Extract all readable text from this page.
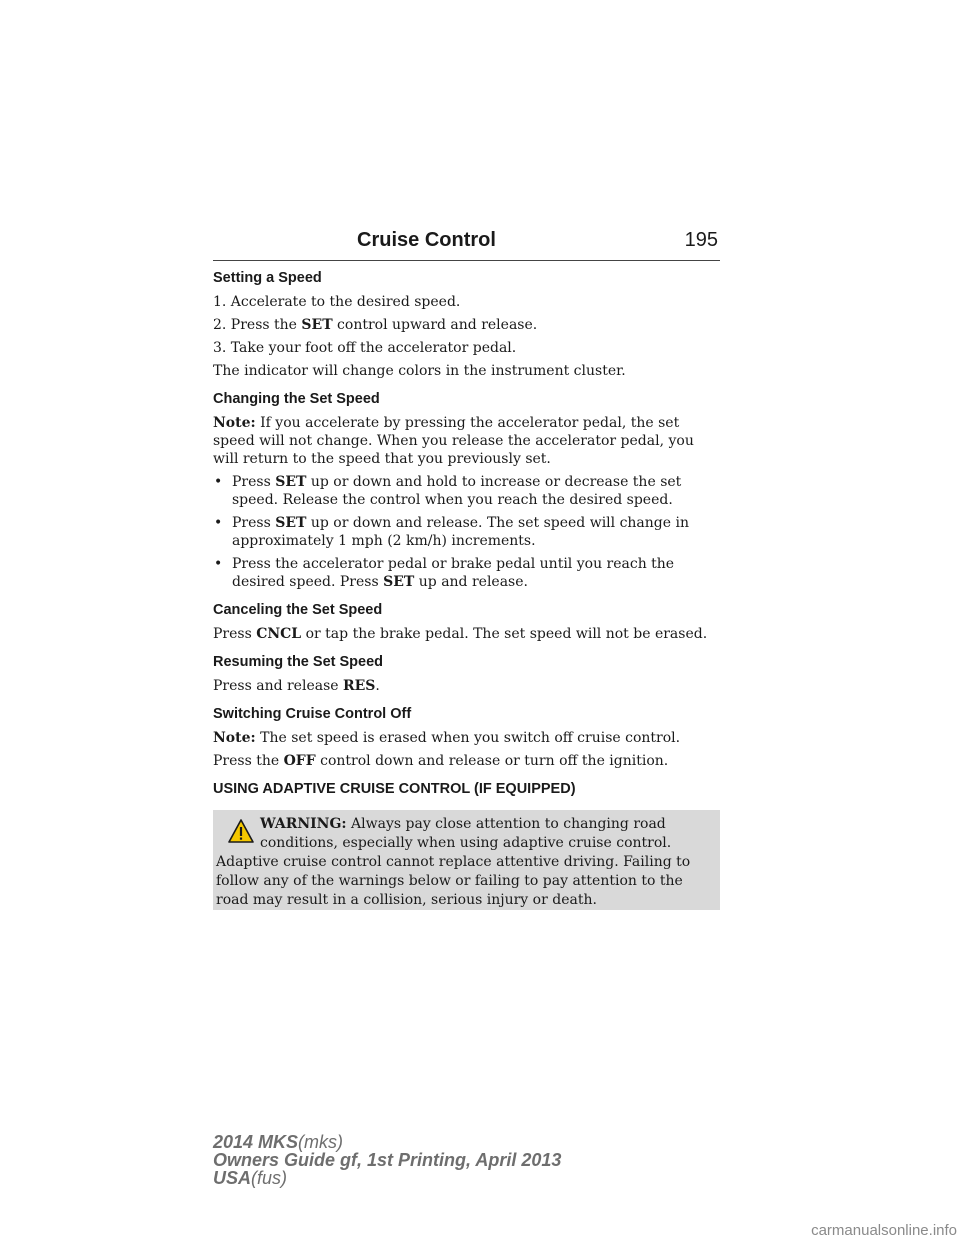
Cruise Control	195
Setting a Speed
1. Accelerate to the desired speed.
2. Press the SET control upward and release.
3. Take your foot off the accelerator pedal.
The indicator will change colors in the instrument cluster.
Changing the Set Speed
Note: If you accelerate by pressing the accelerator pedal, the set speed will not change. When you release the accelerator pedal, you will return to the speed that you previously set.
• Press SET up or down and hold to increase or decrease the set speed. Release the control when you reach the desired speed.
• Press SET up or down and release. The set speed will change in approximately 1 mph (2 km/h) increments.
• Press the accelerator pedal or brake pedal until you reach the desired speed. Press SET up and release.
Canceling the Set Speed
Press CNCL or tap the brake pedal. The set speed will not be erased.
Resuming the Set Speed
Press and release RES.
Switching Cruise Control Off
Note: The set speed is erased when you switch off cruise control.
Press the OFF control down and release or turn off the ignition.
USING ADAPTIVE CRUISE CONTROL (IF EQUIPPED)
WARNING: Always pay close attention to changing road
conditions, especially when using adaptive cruise control.
Adaptive cruise control cannot replace attentive driving. Failing to follow any of the warnings below or failing to pay attention to the road may result in a collision, serious injury or death.
2014 MKS(mks)
Owners Guide gf, 1st Printing, April 2013
USA(fus)
carmanualsonline.info
